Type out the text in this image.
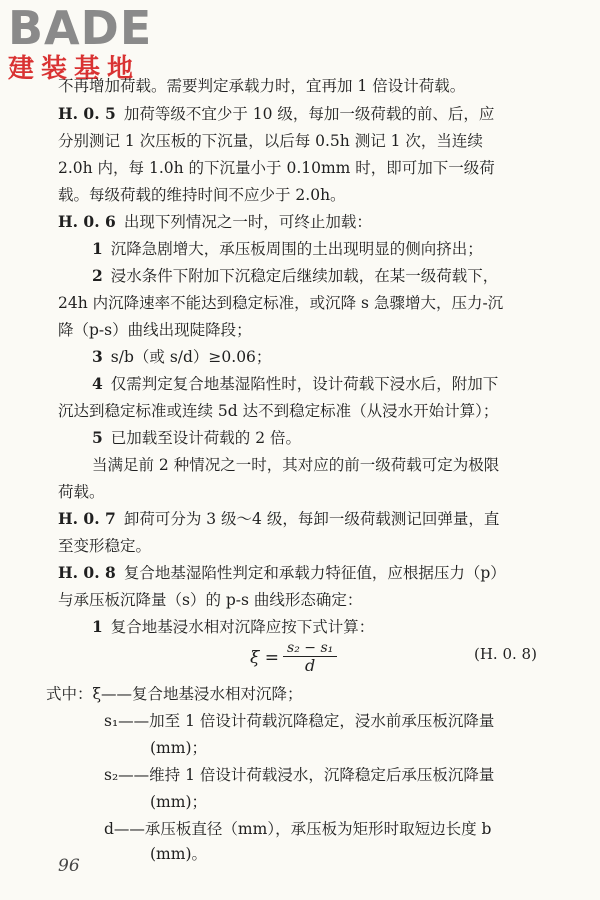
BADE
建装基地
不再增加荷载。需要判定承载力时，宜再加 1 倍设计荷载。
H. 0. 5 加荷等级不宜少于 10 级，每加一级荷载的前、后，应
分别测记 1 次压板的下沉量，以后每 0.5h 测记 1 次，当连续
2.0h 内，每 1.0h 的下沉量小于 0.10mm 时，即可加下一级荷
载。每级荷载的维持时间不应少于 2.0h。
H. 0. 6 出现下列情况之一时，可终止加载：
1 沉降急剧增大，承压板周围的土出现明显的侧向挤出；
2 浸水条件下附加下沉稳定后继续加载，在某一级荷载下，
24h 内沉降速率不能达到稳定标准，或沉降 s 急骤增大，压力-沉
降（p-s）曲线出现陡降段；
3 s/b（或 s/d）≥0.06；
4 仅需判定复合地基湿陷性时，设计荷载下浸水后，附加下
沉达到稳定标准或连续 5d 达不到稳定标准（从浸水开始计算）；
5 已加载至设计荷载的 2 倍。
当满足前 2 种情况之一时，其对应的前一级荷载可定为极限
荷载。
H. 0. 7 卸荷可分为 3 级～4 级，每卸一级荷载测记回弹量，直
至变形稳定。
H. 0. 8 复合地基湿陷性判定和承载力特征值，应根据压力（p）
与承压板沉降量（s）的 p-s 曲线形态确定：
1 复合地基浸水相对沉降应按下式计算：
$\xi = \frac{\text{s₂ − s₁}}{d}$	(H. 0. 8)
式中：ξ——复合地基浸水相对沉降；
s₁——加至 1 倍设计荷载沉降稳定，浸水前承压板沉降量
(mm)；
s₂——维持 1 倍设计荷载浸水，沉降稳定后承压板沉降量
(mm)；
d——承压板直径（mm），承压板为矩形时取短边长度 b
(mm)。
96
